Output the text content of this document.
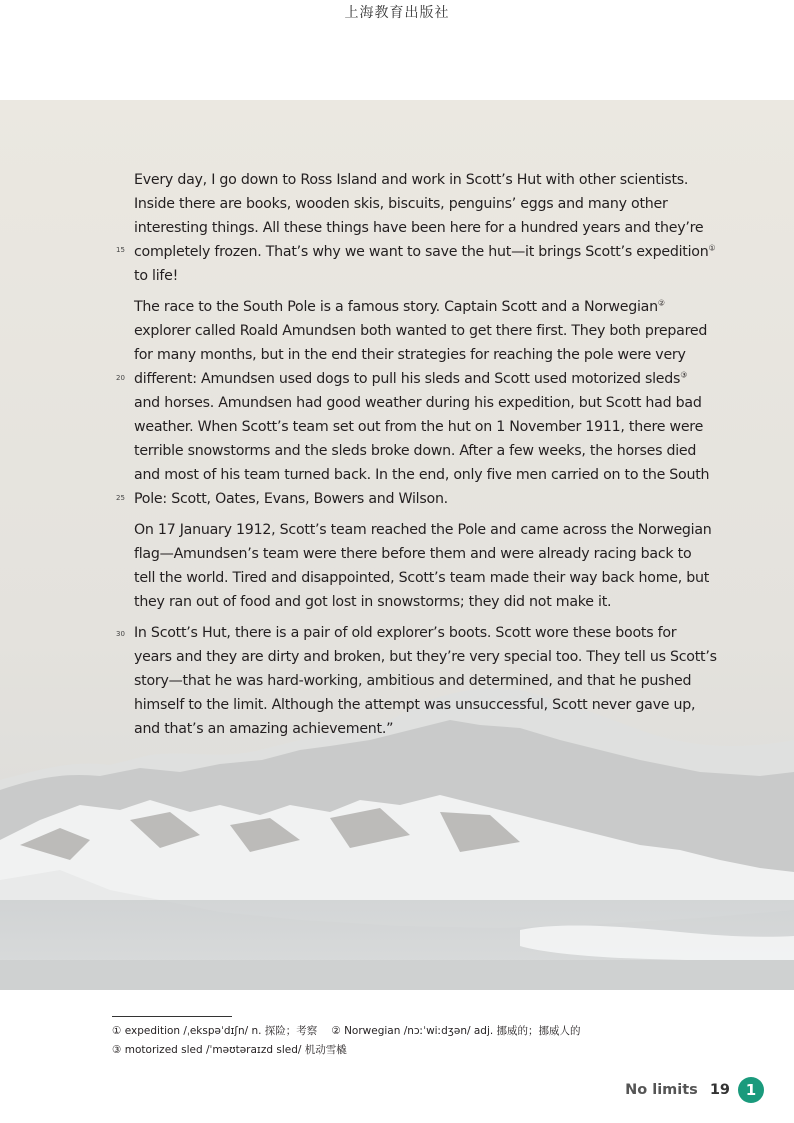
上海教育出版社

Every day, I go down to Ross Island and work in Scott’s Hut with other scientists.
Inside there are books, wooden skis, biscuits, penguins’ eggs and many other
interesting things. All these things have been here for a hundred years and they’re
completely frozen. That’s why we want to save the hut—it brings Scott’s expedition①
to life!

The race to the South Pole is a famous story. Captain Scott and a Norwegian②
explorer called Roald Amundsen both wanted to get there first. They both prepared
for many months, but in the end their strategies for reaching the pole were very
different: Amundsen used dogs to pull his sleds and Scott used motorized sleds③
and horses. Amundsen had good weather during his expedition, but Scott had bad
weather. When Scott’s team set out from the hut on 1 November 1911, there were
terrible snowstorms and the sleds broke down. After a few weeks, the horses died
and most of his team turned back. In the end, only five men carried on to the South
Pole: Scott, Oates, Evans, Bowers and Wilson.

On 17 January 1912, Scott’s team reached the Pole and came across the Norwegian
flag—Amundsen’s team were there before them and were already racing back to
tell the world. Tired and disappointed, Scott’s team made their way back home, but
they ran out of food and got lost in snowstorms; they did not make it.

In Scott’s Hut, there is a pair of old explorer’s boots. Scott wore these boots for
years and they are dirty and broken, but they’re very special too. They tell us Scott’s
story—that he was hard-working, ambitious and determined, and that he pushed
himself to the limit. Although the attempt was unsuccessful, Scott never gave up,
and that’s an amazing achievement.”

15
20
25
30
① expedition /ˌekspəˈdɪʃn/ n. 探险；考察 ② Norwegian /nɔːˈwiːdʒən/ adj. 挪威的；挪威人的
③ motorized sled /ˈməʊtəraɪzd sled/ 机动雪橇
No limits 19	1
